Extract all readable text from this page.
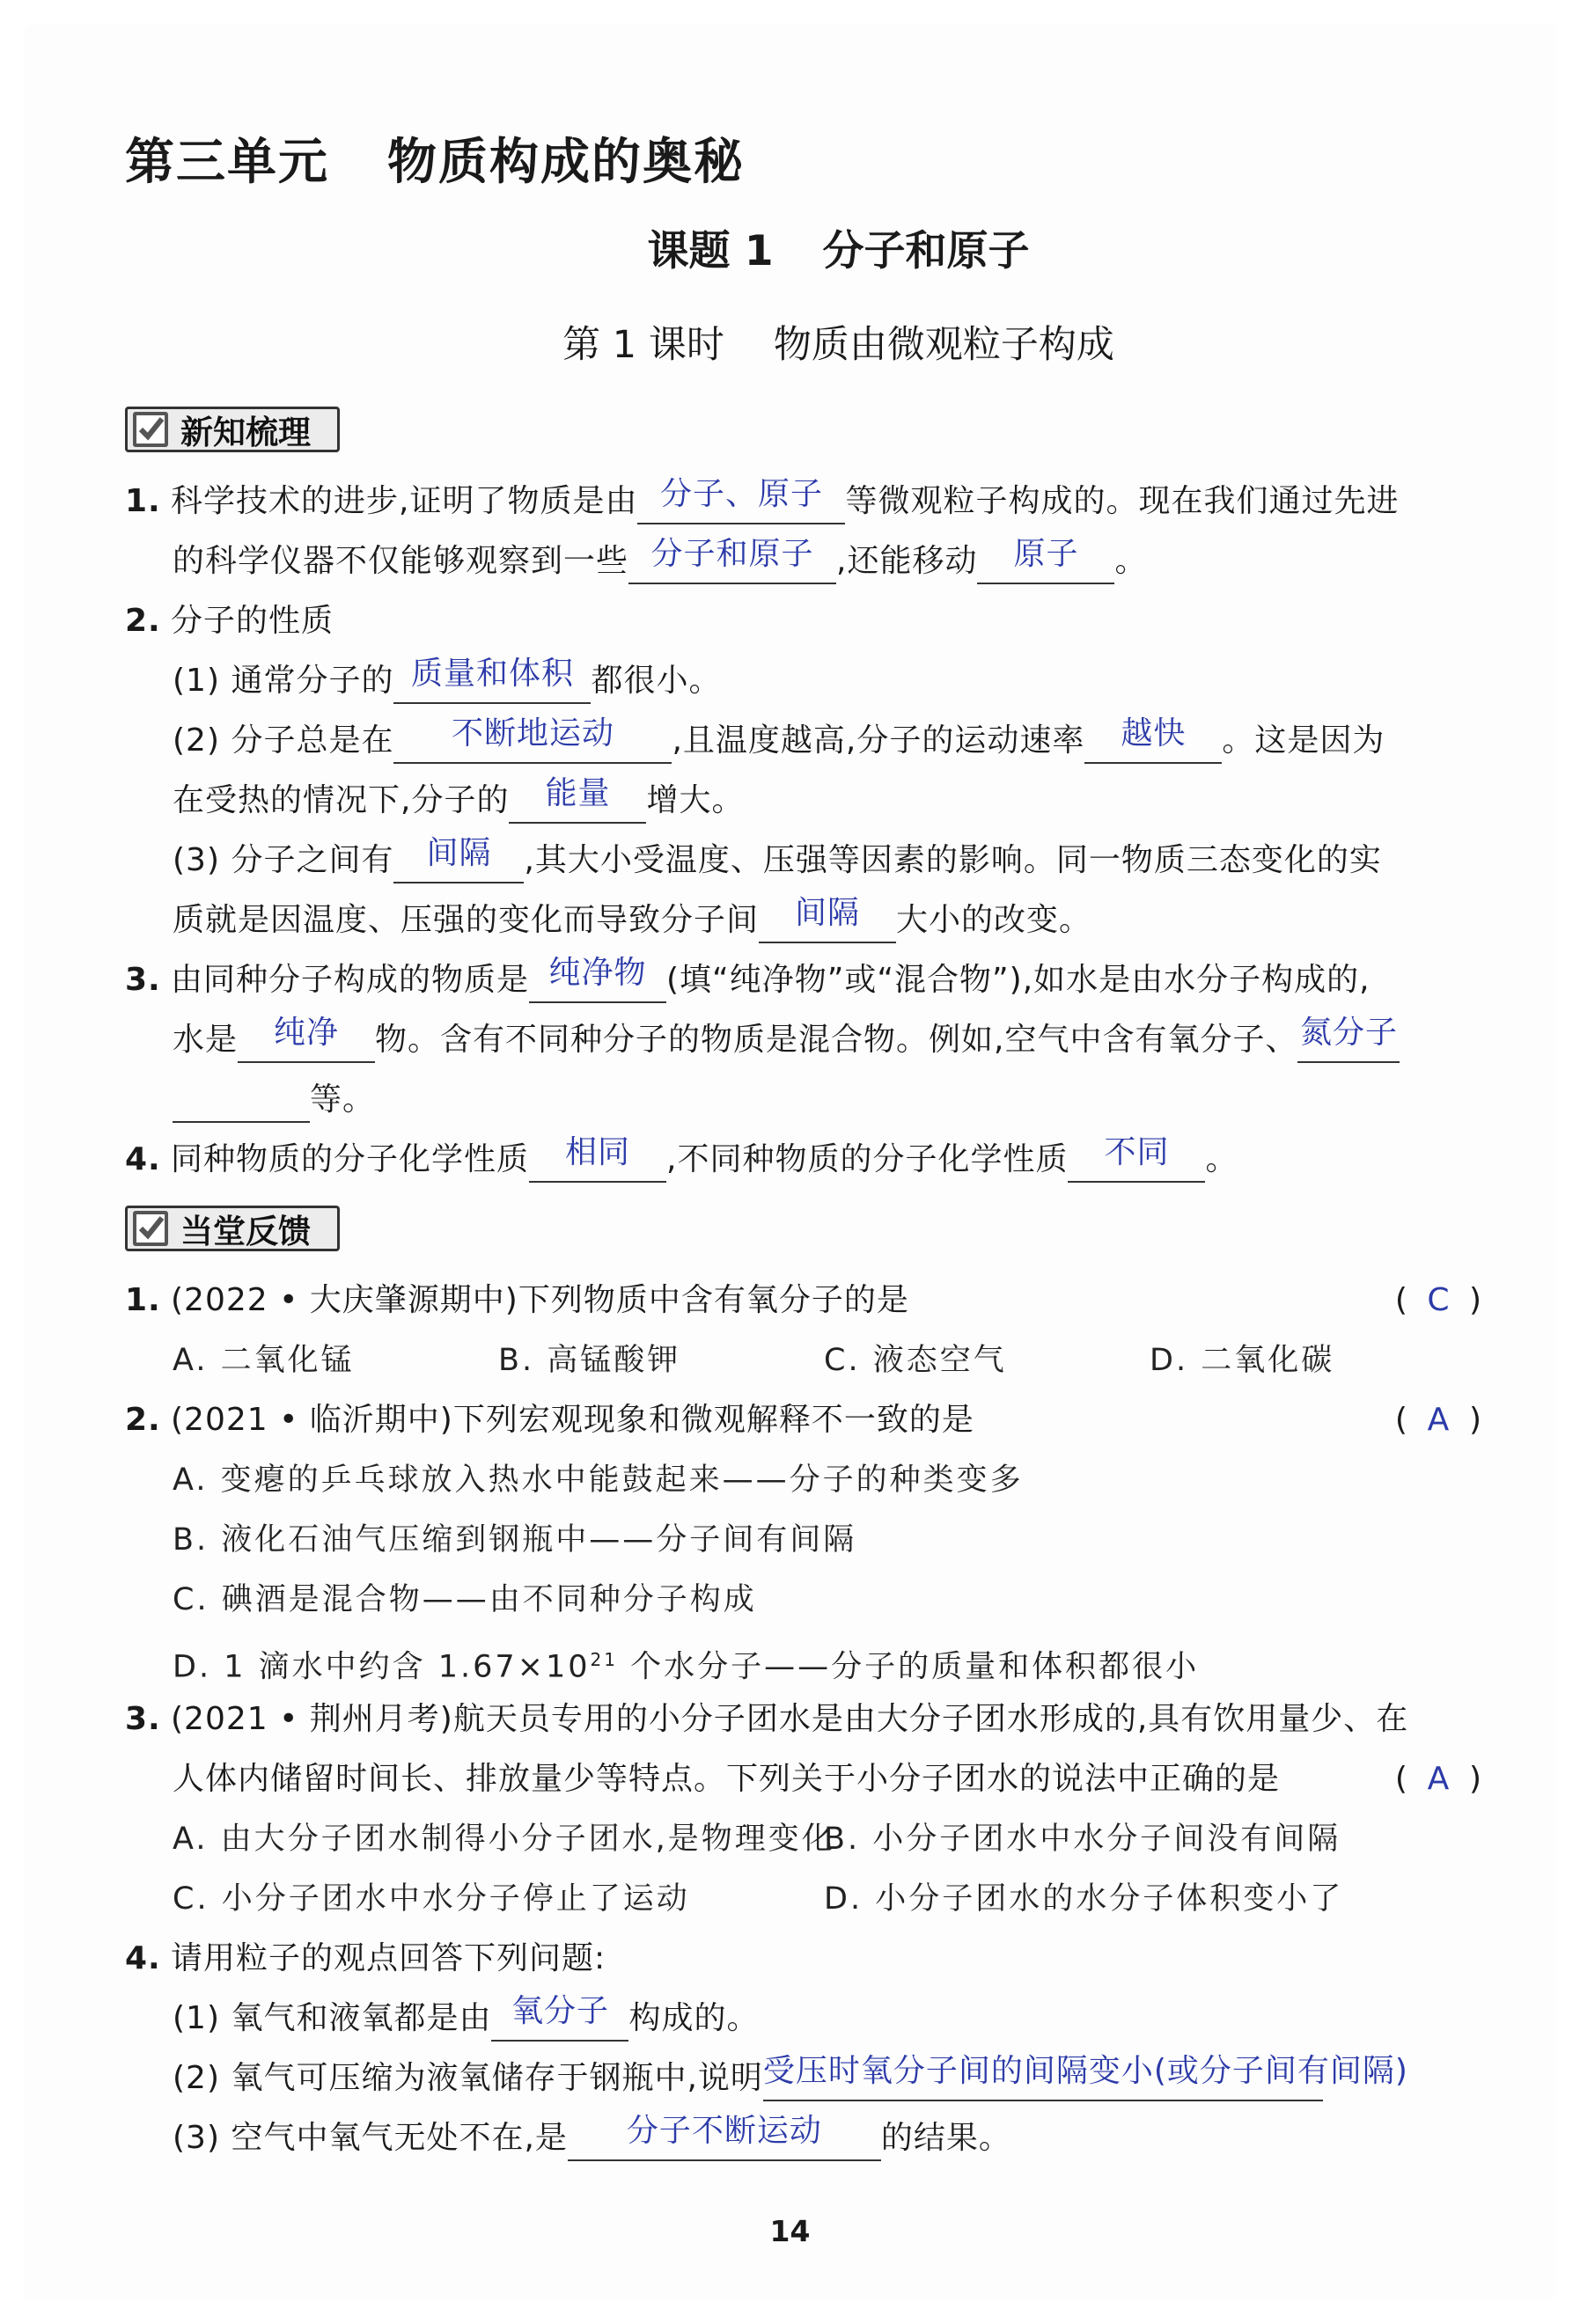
第三单元 物质构成的奥秘
课题 1 分子和原子
第 1 课时 物质由微观粒子构成
新知梳理
1. 科学技术的进步,证明了物质是由 分子、原子 等微观粒子构成的。现在我们通过先进
的科学仪器不仅能够观察到一些 分子和原子 ,还能移动	原子	。
2. 分子的性质
(1) 通常分子的 质量和体积 都很小。
(2) 分子总是在	不断地运动	,且温度越高,分子的运动速率	越快	。这是因为
在受热的情况下,分子的	能量	增大。
(3) 分子之间有	间隔	,其大小受温度、压强等因素的影响。同一物质三态变化的实
质就是因温度、压强的变化而导致分子间	间隔	大小的改变。
3. 由同种分子构成的物质是 纯净物 (填“纯净物”或“混合物”),如水是由水分子构成的,
水是	纯净	物。含有不同种分子的物质是混合物。例如,空气中含有氧分子、 氮分子
等。
4. 同种物质的分子化学性质	相同	,不同种物质的分子化学性质	不同	。
当堂反馈
1. (2022 • 大庆肇源期中)下列物质中含有氧分子的是	( C )
A. 二氧化锰	B. 高锰酸钾	C. 液态空气	D. 二氧化碳
2. (2021 • 临沂期中)下列宏观现象和微观解释不一致的是	( A )
A. 变瘪的乒乓球放入热水中能鼓起来——分子的种类变多
B. 液化石油气压缩到钢瓶中——分子间有间隔
C. 碘酒是混合物——由不同种分子构成
D. 1 滴水中约含 $1.67\times 10^{21}$ 个水分子——分子的质量和体积都很小
3. (2021 • 荆州月考)航天员专用的小分子团水是由大分子团水形成的,具有饮用量少、在
人体内储留时间长、排放量少等特点。下列关于小分子团水的说法中正确的是	( A )
A. 由大分子团水制得小分子团水,是物理变化
B. 小分子团水中水分子间没有间隔
C. 小分子团水中水分子停止了运动	D. 小分子团水的水分子体积变小了
4. 请用粒子的观点回答下列问题:
(1) 氧气和液氧都是由 氧分子 构成的。
(2) 氧气可压缩为液氧储存于钢瓶中,说明 受压时氧分子间的间隔变小(或分子间有间隔)
(3) 空气中氧气无处不在,是	分子不断运动	的结果。
14
